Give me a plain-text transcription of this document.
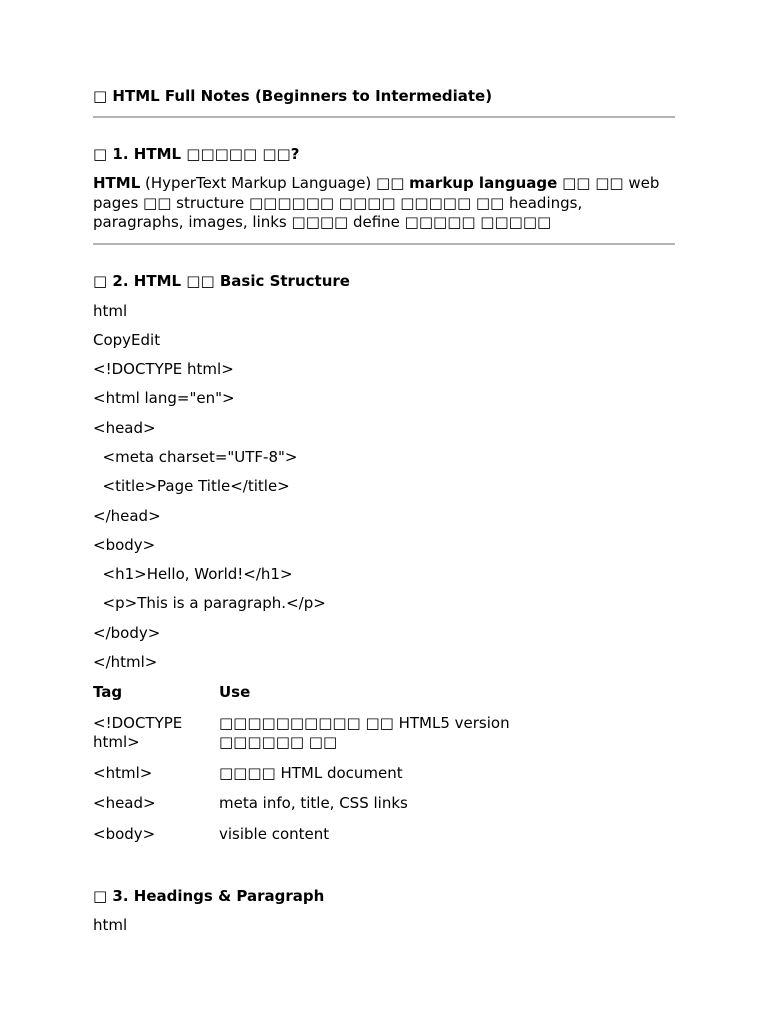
□ HTML Full Notes (Beginners to Intermediate)
□ 1. HTML □□□□□ □□?
HTML (HyperText Markup Language) □□ markup language □□ □□ web pages □□ structure □□□□□□ □□□□ □□□□□ □□ headings, paragraphs, images, links □□□□ define □□□□□ □□□□□
□ 2. HTML □□ Basic Structure
html
CopyEdit
<!DOCTYPE html>
<html lang="en">
<head>
<meta charset="UTF-8">
<title>Page Title</title>
</head>
<body>
<h1>Hello, World!</h1>
<p>This is a paragraph.</p>
</body>
</html>
Tag	Use
<!DOCTYPE html>	□□□□□□□□□□ □□ HTML5 version □□□□□□ □□
<html>	□□□□ HTML document
<head>	meta info, title, CSS links
<body>	visible content
□ 3. Headings & Paragraph
html
